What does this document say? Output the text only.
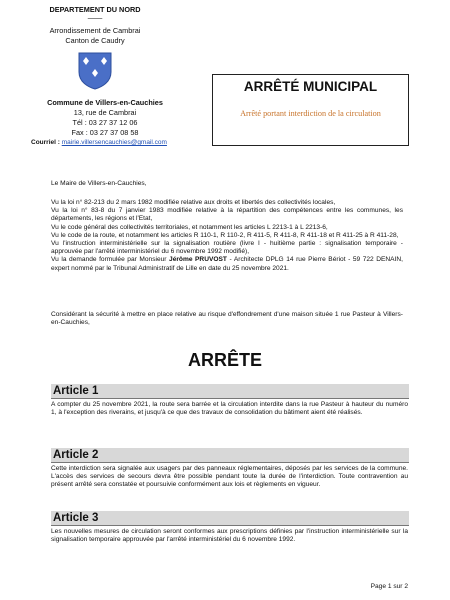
DEPARTEMENT DU NORD
——
Arrondissement de Cambrai
Canton de Caudry
Commune de Villers-en-Cauchies
13, rue de Cambrai
Tél : 03 27 37 12 06
Fax : 03 27 37 08 58
Courriel : mairie.villersencauchies@gmail.com
ARRÊTÉ MUNICIPAL
Arrêté portant interdiction de la circulation
Le Maire de Villers-en-Cauchies,
Vu la loi n° 82-213 du 2 mars 1982 modifiée relative aux droits et libertés des collectivités locales,
Vu la loi n° 83-8 du 7 janvier 1983 modifiée relative à la répartition des compétences entre les communes, les départements, les régions et l'Etat,
Vu le code général des collectivités territoriales, et notamment les articles L 2213-1 à L 2213-6,
Vu le code de la route, et notamment les articles R 110-1, R 110-2, R 411-5, R 411-8, R 411-18 et R 411-25 à R 411-28,
Vu l'instruction interministérielle sur la signalisation routière (livre I - huitième partie : signalisation temporaire - approuvée par l'arrêté interministériel du 6 novembre 1992 modifié),
Vu la demande formulée par Monsieur Jérôme PRUVOST - Architecte DPLG 14 rue Pierre Bériot - 59 722 DENAIN, expert nommé par le Tribunal Administratif de Lille en date du 25 novembre 2021.
Considérant la sécurité à mettre en place relative au risque d'effondrement d'une maison située 1 rue Pasteur à Villers-en-Cauchies,
ARRÊTE
Article 1
A compter du 25 novembre 2021, la route sera barrée et la circulation interdite dans la rue Pasteur à hauteur du numéro 1, à l'exception des riverains, et jusqu'à ce que des travaux de consolidation du bâtiment aient été réalisés.
Article 2
Cette interdiction sera signalée aux usagers par des panneaux réglementaires, déposés par les services de la commune. L'accès des services de secours devra être possible pendant toute la durée de l'interdiction. Toute contravention au présent arrêté sera constatée et poursuivie conformément aux lois et règlements en vigueur.
Article 3
Les nouvelles mesures de circulation seront conformes aux prescriptions définies par l'instruction interministérielle sur la signalisation temporaire approuvée par l'arrêté interministériel du 6 novembre 1992.
Page 1 sur 2
